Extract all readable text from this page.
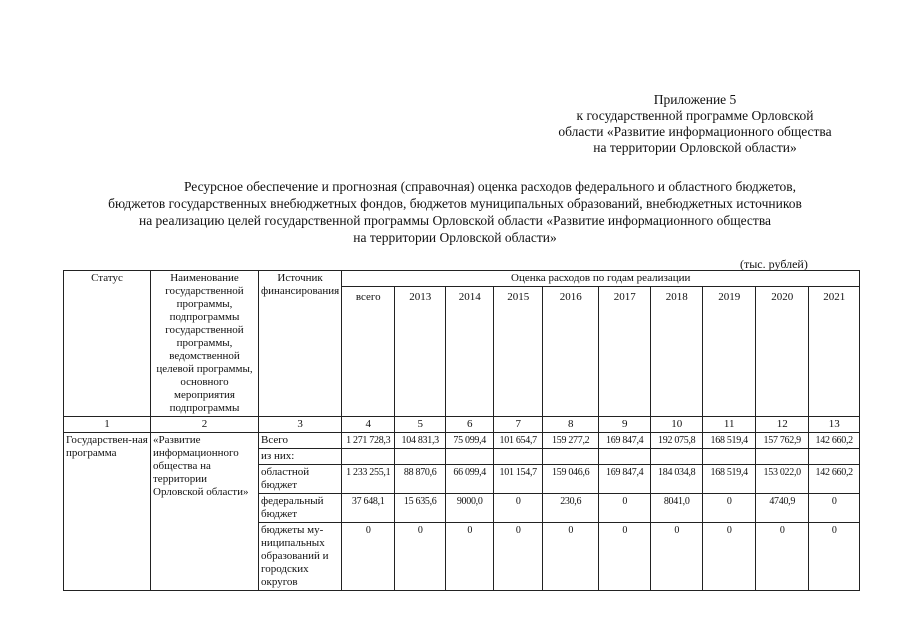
Приложение 5
к государственной программе Орловской
области «Развитие информационного общества
на территории Орловской области»
Ресурсное обеспечение и прогнозная (справочная) оценка расходов федерального и областного бюджетов,
бюджетов государственных внебюджетных фондов, бюджетов муниципальных образований, внебюджетных источников
на реализацию целей государственной программы Орловской области «Развитие информационного общества
на территории Орловской области»
(тыс. рублей)
Статус	Наименование государственной программы, подпрограммы государственной программы, ведомственной целевой программы, основного мероприятия подпрограммы	Источник финансирования	Оценка расходов по годам реализации									
			всего	2013	2014	2015	2016	2017	2018	2019	2020	2021
1	2	3	4	5	6	7	8	9	10	11	12	13
Государствен-ная программа	«Развитие информационного общества на территории Орловской области»	Всего	1 271 728,3	104 831,3	75 099,4	101 654,7	159 277,2	169 847,4	192 075,8	168 519,4	157 762,9	142 660,2
		из них:										
		областной бюджет	1 233 255,1	88 870,6	66 099,4	101 154,7	159 046,6	169 847,4	184 034,8	168 519,4	153 022,0	142 660,2
		федеральный бюджет	37 648,1	15 635,6	9000,0	0	230,6	0	8041,0	0	4740,9	0
		бюджеты му-ниципальных образований и городских округов	0	0	0	0	0	0	0	0	0	0
